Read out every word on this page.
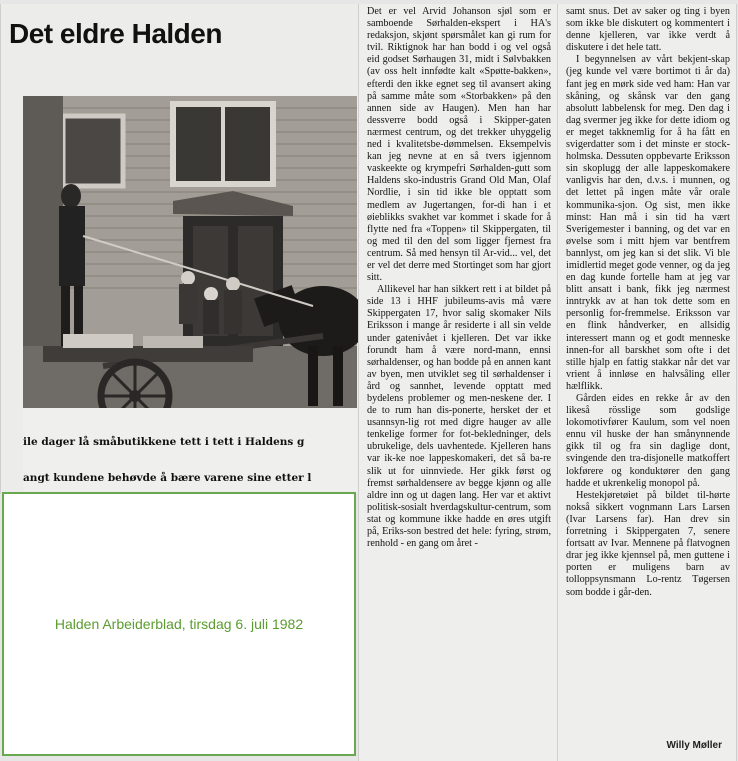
Det eldre Halden

ile dager lå småbutikkene tett i tett i Haldens g

angt kundene behøvde å bære varene sine etter l

Det er vel Arvid Johanson sjøl som er samboende Sørhalden-ekspert i HA's redaksjon, skjønt spørsmålet kan gi rum for tvil. Riktignok har han bodd i og vel også eid godset Sørhaugen 31, midt i Sølvbakken (av oss helt innfødte kalt «Spøtte-bakken», efterdi den ikke egnet seg til avansert aking på samme måte som «Storbakken» på den annen side av Haugen). Men han har dessverre bodd også i Skipper-gaten nærmest centrum, og det trekker uhyggelig ned i kvalitetsbe-dømmelsen. Eksempelvis kan jeg nevne at en så tvers igjennom vaskeekte og krympefri Sørhalden-gutt som Haldens sko-industris Grand Old Man, Olaf Nordlie, i sin tid ikke ble opptatt som medlem av Jugertangen, for-di han i et øieblikks svakhet var kommet i skade for å flytte ned fra «Toppen» til Skippergaten, til og med til den del som ligger fjernest fra centrum. Så med hensyn til Ar-vid... vel, det er vel det derre med Stortinget som har gjort sitt.

Allikevel har han sikkert rett i at bildet på side 13 i HHF jubileums-avis må være Skippergaten 17, hvor salig skomaker Nils Eriksson i mange år residerte i all sin velde under gatenivået i kjelleren. Det var ikke forundt ham å være nord-mann, ennsi sørhaldenser, og han bodde på en annen kant av byen, men utviklet seg til sørhaldenser i ård og sannhet, levende opptatt med bydelens problemer og men-neskene der. I de to rum han dis-ponerte, hersket der et usannsyn-lig rot med digre hauger av alle tenkelige former for fot-bekledninger, dels ubrukelige, dels uavhentede. Kjelleren hans var ik-ke noe lappeskomakeri, det så ba-re slik ut for uinnviede. Her gikk først og fremst sørhaldensere av begge kjønn og alle aldre inn og ut dagen lang. Her var et aktivt politisk-sosialt hverdagskultur-centrum, som stat og kommune ikke hadde en øres utgift på, Eriks-son bestred det hele: fyring, strøm, renhold - en gang om året -

samt snus. Det av saker og ting i byen som ikke ble diskutert og kommentert i denne kjelleren, var ikke verdt å diskutere i det hele tatt.

I begynnelsen av vårt bekjent-skap (jeg kunde vel være bortimot ti år da) fant jeg en mørk side ved ham: Han var skåning, og skånsk var den gang absolutt labbelensk for meg. Den dag i dag svermer jeg ikke for dette idiom og er meget takknemlig for å ha fått en svigerdatter som i det minste er stock-holmska. Dessuten oppbevarte Eriksson sin skoplugg der alle lappeskomakere vanligvis har den, d.v.s. i munnen, og det lettet på ingen måte vår orale kommunika-sjon. Og sist, men ikke minst: Han må i sin tid ha vært Sverigemester i banning, og det var en øvelse som i mitt hjem var bentfrem bannlyst, om jeg kan si det slik. Vi ble imidlertid meget gode venner, og da jeg en dag kunde fortelle ham at jeg var blitt ansatt i bank, fikk jeg nærmest inntrykk av at han tok dette som en personlig for-fremmelse. Eriksson var en flink håndverker, en allsidig interessert mann og et godt menneske innen-for all barskhet som ofte i det stille hjalp en fattig stakkar når det var vrient å innløse en halvsåling eller hælflikk.

Gården eides en rekke år av den likeså rösslige som godslige lokomotivfører Kaulum, som vel noen ennu vil huske der han smånynnende gikk til og fra sin daglige dont, svingende den tra-disjonelle matkoffert lokførere og konduktører den gang hadde et ukrenkelig monopol på.

Hestekjøretøiet på bildet til-hørte nokså sikkert vognmann Lars Larsen (Ivar Larsens far). Han drev sin forretning i Skippergaten 7, senere fortsatt av Ivar. Mennene på flatvognen drar jeg ikke kjennsel på, men guttene i porten er muligens barn av tolloppsynsmann Lo-rentz Tøgersen som bodde i går-den.

Willy Møller
Halden Arbeiderblad, tirsdag 6. juli 1982
